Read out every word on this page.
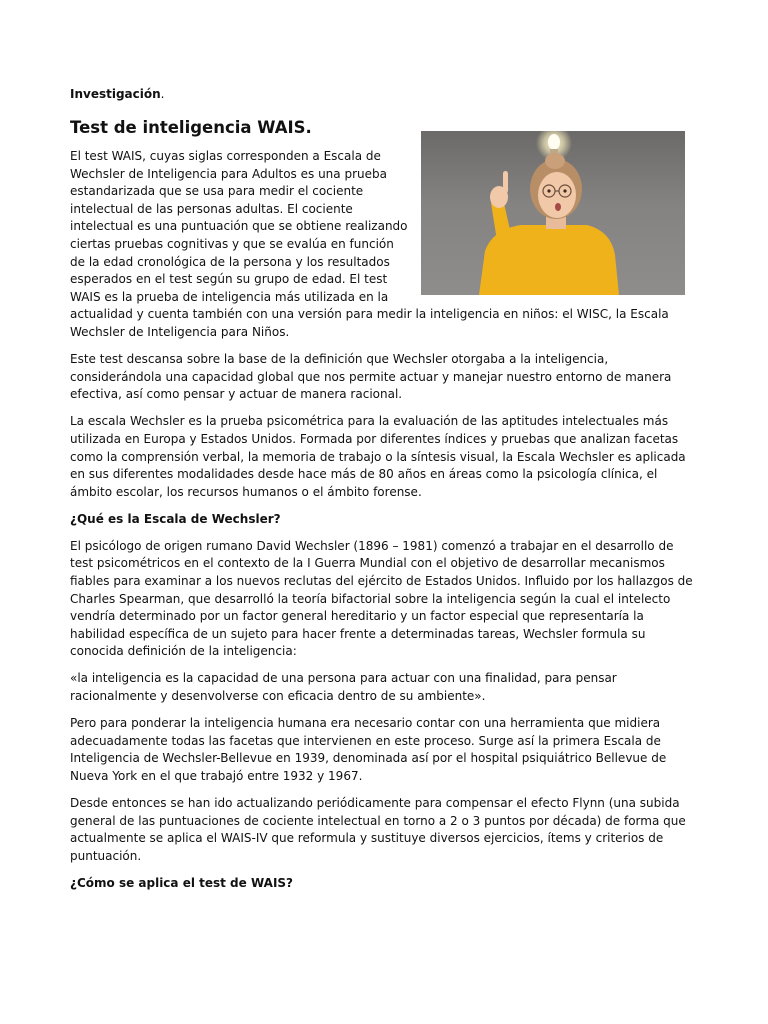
Investigación.
Test de inteligencia WAIS.

El test WAIS, cuyas siglas corresponden a Escala de Wechsler de Inteligencia para Adultos es una prueba estandarizada que se usa para medir el cociente intelectual de las personas adultas. El cociente intelectual es una puntuación que se obtiene realizando ciertas pruebas cognitivas y que se evalúa en función de la edad cronológica de la persona y los resultados esperados en el test según su grupo de edad. El test WAIS es la prueba de inteligencia más utilizada en la actualidad y cuenta también con una versión para medir la inteligencia en niños: el WISC, la Escala Wechsler de Inteligencia para Niños.

Este test descansa sobre la base de la definición que Wechsler otorgaba a la inteligencia, considerándola una capacidad global que nos permite actuar y manejar nuestro entorno de manera efectiva, así como pensar y actuar de manera racional.

La escala Wechsler es la prueba psicométrica para la evaluación de las aptitudes intelectuales más utilizada en Europa y Estados Unidos. Formada por diferentes índices y pruebas que analizan facetas como la comprensión verbal, la memoria de trabajo o la síntesis visual, la Escala Wechsler es aplicada en sus diferentes modalidades desde hace más de 80 años en áreas como la psicología clínica, el ámbito escolar, los recursos humanos o el ámbito forense.

¿Qué es la Escala de Wechsler?

El psicólogo de origen rumano David Wechsler (1896 – 1981) comenzó a trabajar en el desarrollo de test psicométricos en el contexto de la I Guerra Mundial con el objetivo de desarrollar mecanismos fiables para examinar a los nuevos reclutas del ejército de Estados Unidos. Influido por los hallazgos de Charles Spearman, que desarrolló la teoría bifactorial sobre la inteligencia según la cual el intelecto vendría determinado por un factor general hereditario y un factor especial que representaría la habilidad específica de un sujeto para hacer frente a determinadas tareas, Wechsler formula su conocida definición de la inteligencia:

«la inteligencia es la capacidad de una persona para actuar con una finalidad, para pensar racionalmente y desenvolverse con eficacia dentro de su ambiente».

Pero para ponderar la inteligencia humana era necesario contar con una herramienta que midiera adecuadamente todas las facetas que intervienen en este proceso. Surge así la primera Escala de Inteligencia de Wechsler-Bellevue en 1939, denominada así por el hospital psiquiátrico Bellevue de Nueva York en el que trabajó entre 1932 y 1967.

Desde entonces se han ido actualizando periódicamente para compensar el efecto Flynn (una subida general de las puntuaciones de cociente intelectual en torno a 2 o 3 puntos por década) de forma que actualmente se aplica el WAIS-IV que reformula y sustituye diversos ejercicios, ítems y criterios de puntuación.

¿Cómo se aplica el test de WAIS?
